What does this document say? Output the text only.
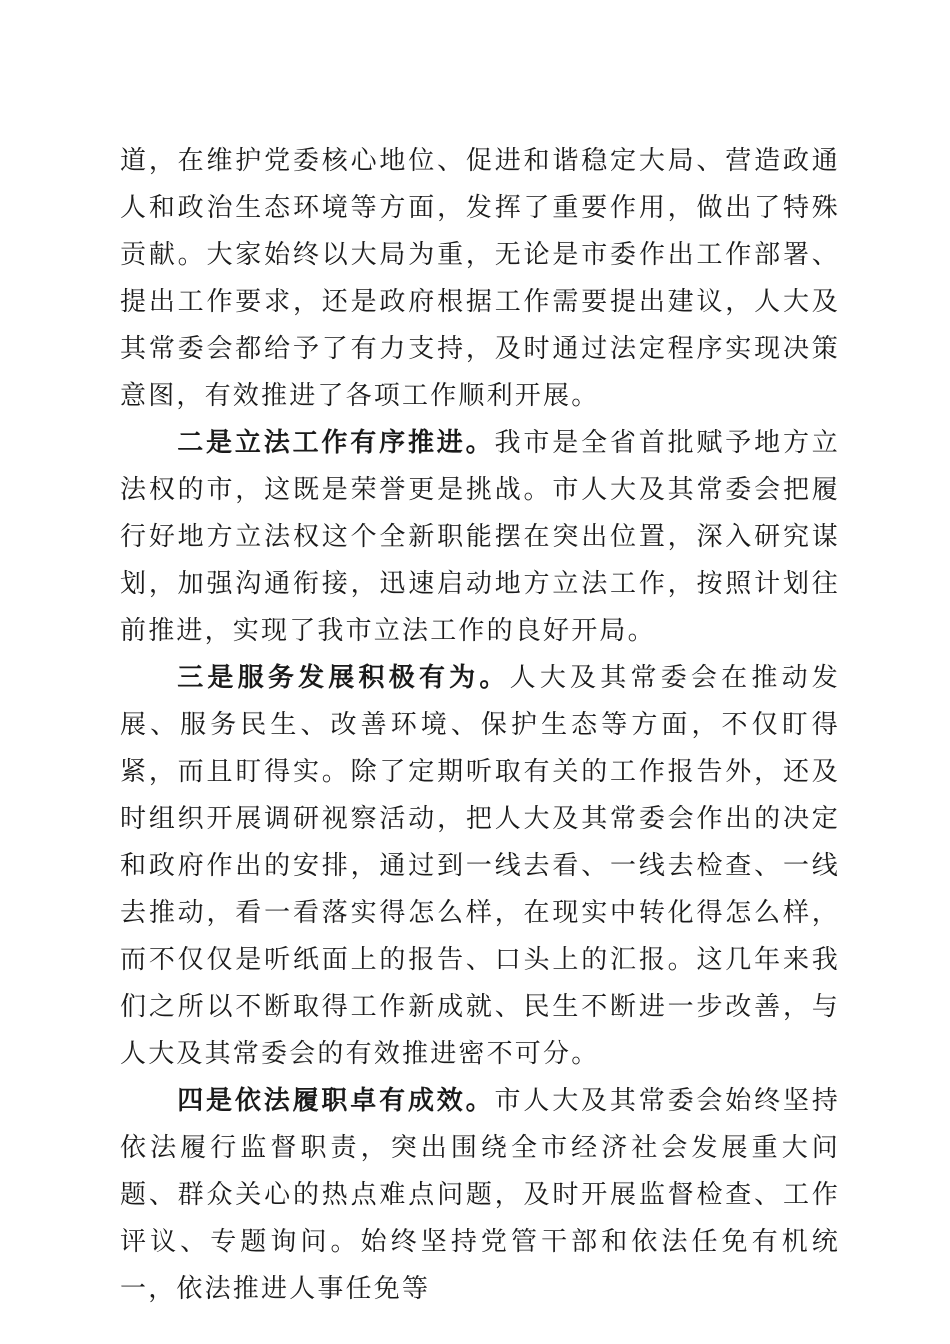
道，在维护党委核心地位、促进和谐稳定大局、营造政通人和政治生态环境等方面，发挥了重要作用，做出了特殊贡献。大家始终以大局为重，无论是市委作出工作部署、提出工作要求，还是政府根据工作需要提出建议，人大及其常委会都给予了有力支持，及时通过法定程序实现决策意图，有效推进了各项工作顺利开展。

二是立法工作有序推进。我市是全省首批赋予地方立法权的市，这既是荣誉更是挑战。市人大及其常委会把履行好地方立法权这个全新职能摆在突出位置，深入研究谋划，加强沟通衔接，迅速启动地方立法工作，按照计划往前推进，实现了我市立法工作的良好开局。

三是服务发展积极有为。人大及其常委会在推动发展、服务民生、改善环境、保护生态等方面，不仅盯得紧，而且盯得实。除了定期听取有关的工作报告外，还及时组织开展调研视察活动，把人大及其常委会作出的决定和政府作出的安排，通过到一线去看、一线去检查、一线去推动，看一看落实得怎么样，在现实中转化得怎么样，而不仅仅是听纸面上的报告、口头上的汇报。这几年来我们之所以不断取得工作新成就、民生不断进一步改善，与人大及其常委会的有效推进密不可分。

四是依法履职卓有成效。市人大及其常委会始终坚持依法履行监督职责，突出围绕全市经济社会发展重大问题、群众关心的热点难点问题，及时开展监督检查、工作评议、专题询问。始终坚持党管干部和依法任免有机统一，依法推进人事任免等
